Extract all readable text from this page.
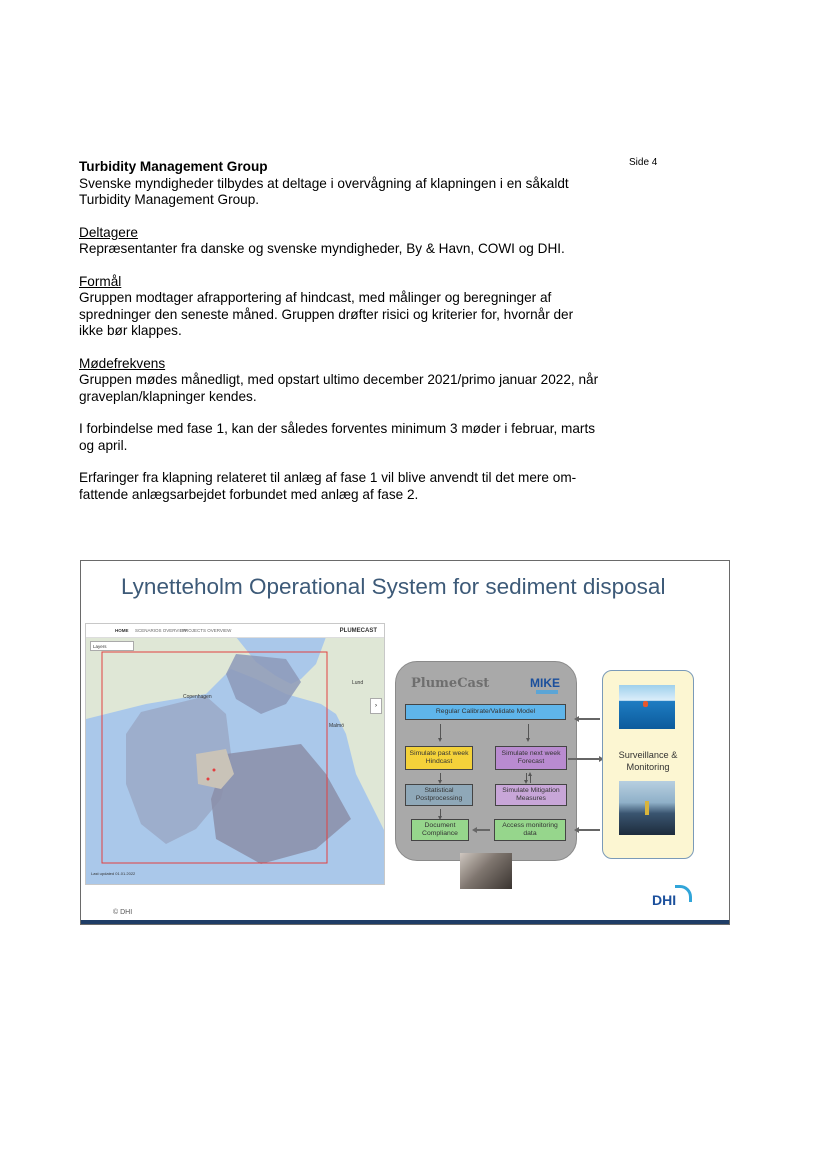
Side 4

Turbidity Management Group

Svenske myndigheder tilbydes at deltage i overvågning af klapningen i en såkaldt Turbidity Management Group.

Deltagere

Repræsentanter fra danske og svenske myndigheder, By & Havn, COWI og DHI.

Formål

Gruppen modtager afrapportering af hindcast, med målinger og beregninger af spredninger den seneste måned. Gruppen drøfter risici og kriterier for, hvornår der ikke bør klappes.

Mødefrekvens

Gruppen mødes månedligt, med opstart ultimo december 2021/primo januar 2022, når graveplan/klapninger kendes.

I forbindelse med fase 1, kan der således forventes minimum 3 møder i februar, marts og april.

Erfaringer fra klapning relateret til anlæg af fase 1 vil blive anvendt til det mere om-fattende anlægsarbejdet forbundet med anlæg af fase 2.

Lynetteholm Operational System for sediment disposal
HOME SCENARIOS OVERVIEW
PROJECTS OVERVIEW	PLUMECAST
Layers
Copenhagen
Malmö
Lund
›
Last updated 01.01.2022
PlumeCast	MIKE
Regular Calibrate/Validate Model
Simulate past week Hindcast
Simulate next week Forecast
Statistical Postprocessing
Simulate Mitigation Measures
Document Compliance
Access monitoring data
Surveillance & Monitoring
© DHI
DHI
